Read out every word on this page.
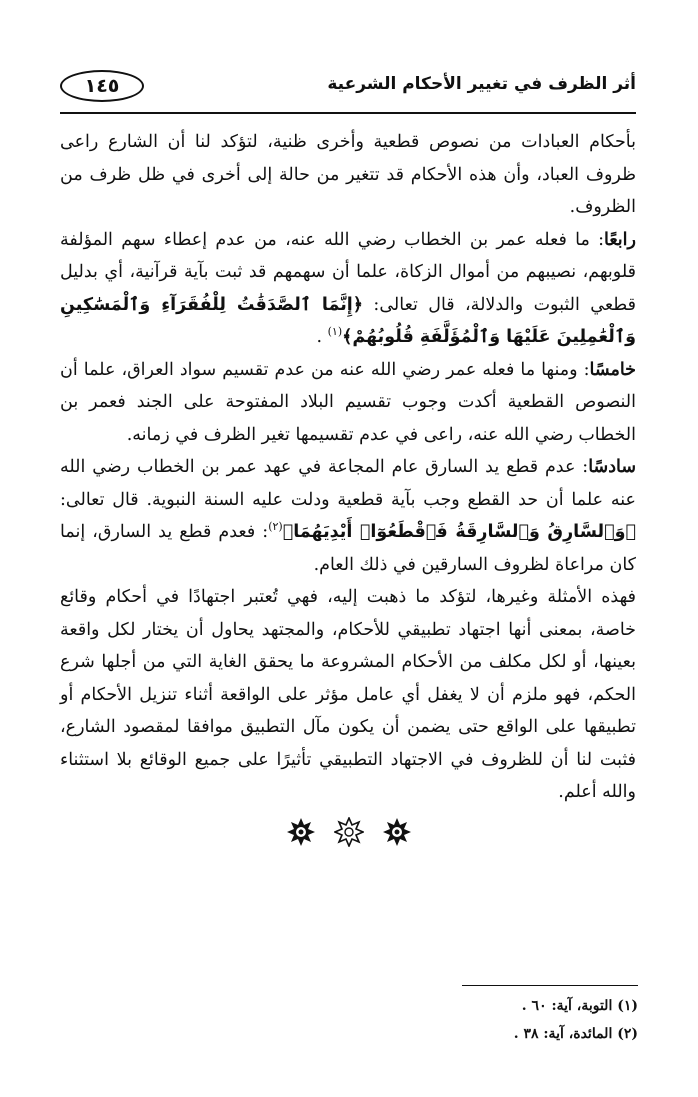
أثر الظرف في تغيير الأحكام الشرعية
١٤٥

بأحكام العبادات من نصوص قطعية وأخرى ظنية، لتؤكد لنا أن الشارع راعى ظروف العباد، وأن هذه الأحكام قد تتغير من حالة إلى أخرى في ظل ظرف من الظروف.

رابعًا: ما فعله عمر بن الخطاب رضي الله عنه، من عدم إعطاء سهم المؤلفة قلوبهم، نصيبهم من أموال الزكاة، علما أن سهمهم قد ثبت بآية قرآنية، أي بدليل قطعي الثبوت والدلالة، قال تعالى: ﴿إِنَّمَا ٱلصَّدَقَٰتُ لِلْفُقَرَآءِ وَٱلْمَسَٰكِينِ وَٱلْعَٰمِلِينَ عَلَيْهَا وَٱلْمُؤَلَّفَةِ قُلُوبُهُمْ﴾$^{(١)}$ .

خامسًا: ومنها ما فعله عمر رضي الله عنه من عدم تقسيم سواد العراق، علما أن النصوص القطعية أكدت وجوب تقسيم البلاد المفتوحة على الجند فعمر بن الخطاب رضي الله عنه، راعى في عدم تقسيمها تغير الظرف في زمانه.

سادسًا: عدم قطع يد السارق عام المجاعة في عهد عمر بن الخطاب رضي الله عنه علما أن حد القطع وجب بآية قطعية ودلت عليه السنة النبوية. قال تعالى: ﴿وَٱلسَّارِقُ وَٱلسَّارِقَةُ فَٱقْطَعُوٓا۟ أَيْدِيَهُمَا﴾$^{(٢)}$: فعدم قطع يد السارق، إنما كان مراعاة لظروف السارقين في ذلك العام.

فهذه الأمثلة وغيرها، لتؤكد ما ذهبت إليه، فهي تُعتبر اجتهادًا في أحكام وقائع خاصة، بمعنى أنها اجتهاد تطبيقي للأحكام، والمجتهد يحاول أن يختار لكل واقعة بعينها، أو لكل مكلف من الأحكام المشروعة ما يحقق الغاية التي من أجلها شرع الحكم، فهو ملزم أن لا يغفل أي عامل مؤثر على الواقعة أثناء تنزيل الأحكام أو تطبيقها على الواقع حتى يضمن أن يكون مآل التطبيق موافقا لمقصود الشارع، فثبت لنا أن للظروف في الاجتهاد التطبيقي تأثيرًا على جميع الوقائع بلا استثناء والله أعلم.

(١) التوبة، آية: ٦٠ .
(٢) المائدة، آية: ٣٨ .
